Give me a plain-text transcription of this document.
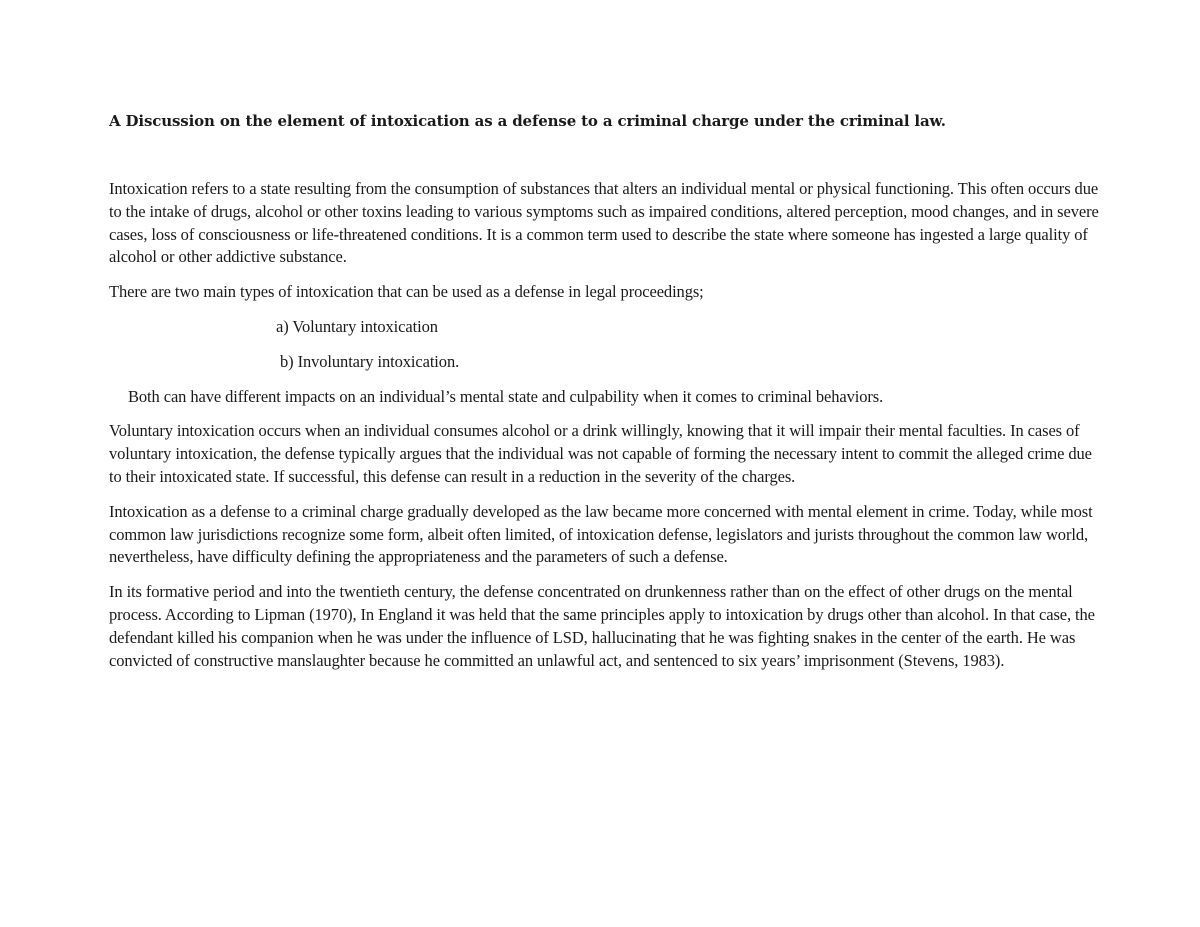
A Discussion on the element of intoxication as a defense to a criminal charge under the criminal law.

Intoxication refers to a state resulting from the consumption of substances that alters an individual mental or physical functioning. This often occurs due to the intake of drugs, alcohol or other toxins leading to various symptoms such as impaired conditions, altered perception, mood changes, and in severe cases, loss of consciousness or life-threatened conditions. It is a common term used to describe the state where someone has ingested a large quality of alcohol or other addictive substance.

There are two main types of intoxication that can be used as a defense in legal proceedings;

a) Voluntary intoxication
b) Involuntary intoxication.

Both can have different impacts on an individual’s mental state and culpability when it comes to criminal behaviors.

Voluntary intoxication occurs when an individual consumes alcohol or a drink willingly, knowing that it will impair their mental faculties. In cases of voluntary intoxication, the defense typically argues that the individual was not capable of forming the necessary intent to commit the alleged crime due to their intoxicated state. If successful, this defense can result in a reduction in the severity of the charges.

Intoxication as a defense to a criminal charge gradually developed as the law became more concerned with mental element in crime. Today, while most common law jurisdictions recognize some form, albeit often limited, of intoxication defense, legislators and jurists throughout the common law world, nevertheless, have difficulty defining the appropriateness and the parameters of such a defense.

In its formative period and into the twentieth century, the defense concentrated on drunkenness rather than on the effect of other drugs on the mental process. According to Lipman (1970), In England it was held that the same principles apply to intoxication by drugs other than alcohol. In that case, the defendant killed his companion when he was under the influence of LSD, hallucinating that he was fighting snakes in the center of the earth. He was convicted of constructive manslaughter because he committed an unlawful act, and sentenced to six years’ imprisonment (Stevens, 1983).
